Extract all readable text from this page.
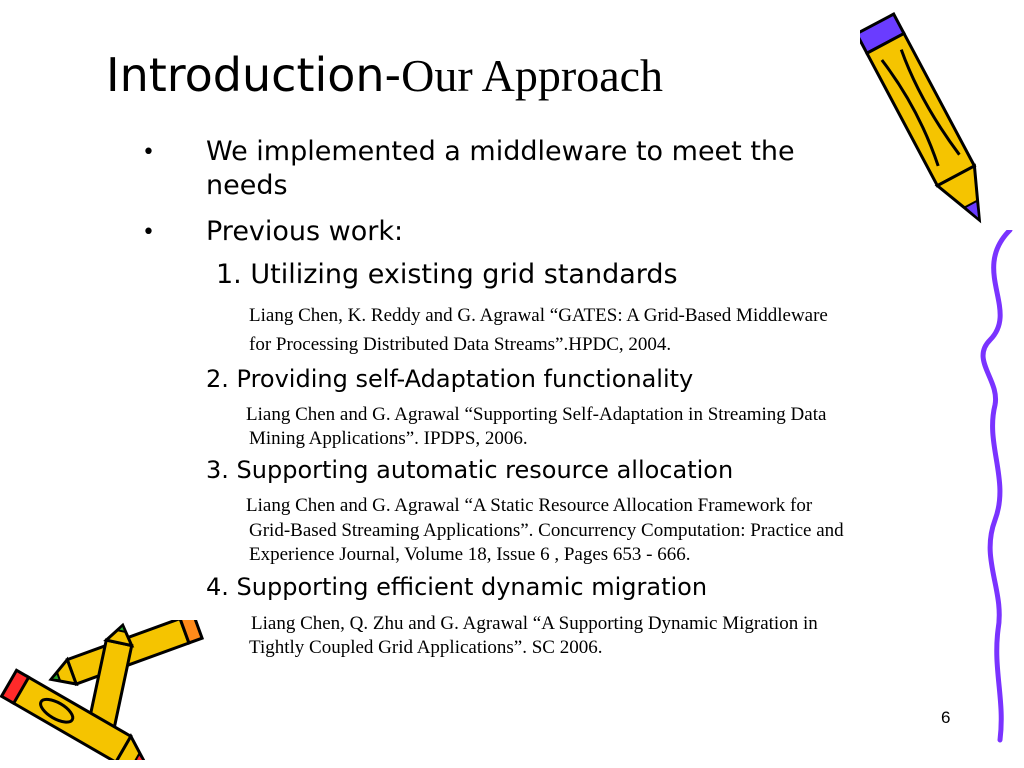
Introduction-Our Approach
• We implemented a middleware to meet the
needs
• Previous work:
1. Utilizing existing grid standards
Liang Chen, K. Reddy and G. Agrawal “GATES: A Grid-Based Middleware
for Processing Distributed Data Streams”.HPDC, 2004.
2. Providing self-Adaptation functionality
Liang Chen and G. Agrawal “Supporting Self-Adaptation in Streaming Data
Mining Applications”. IPDPS, 2006.
3. Supporting automatic resource allocation
Liang Chen and G. Agrawal “A Static Resource Allocation Framework for
Grid-Based Streaming Applications”. Concurrency Computation: Practice and
Experience Journal, Volume 18, Issue 6 , Pages 653 - 666.
4. Supporting efficient dynamic migration
Liang Chen, Q. Zhu and G. Agrawal “A Supporting Dynamic Migration in
Tightly Coupled Grid Applications”. SC 2006.
6
